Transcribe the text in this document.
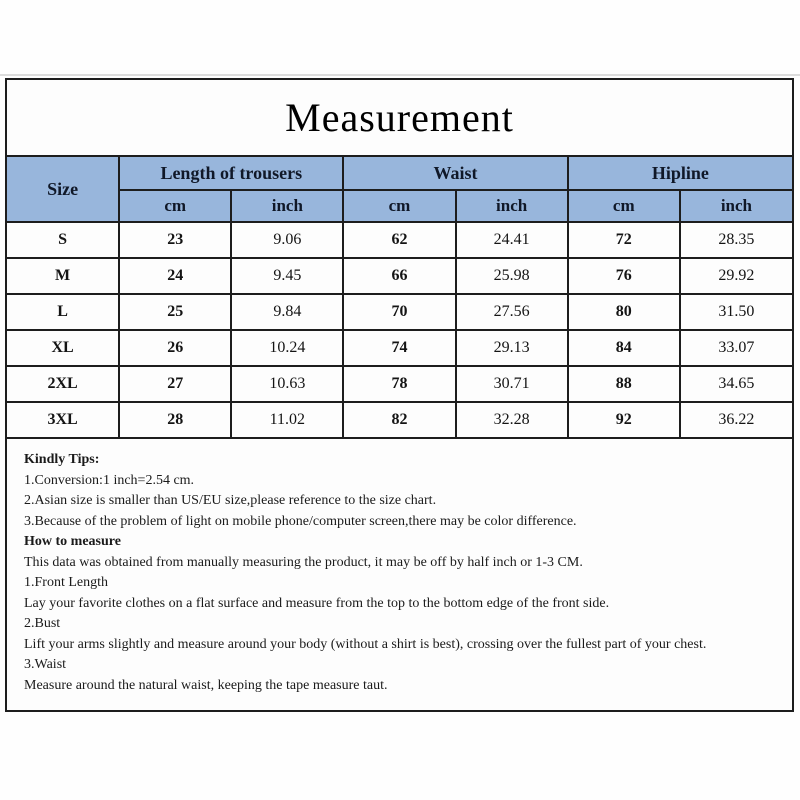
Measurement
Size	Length of trousers		Waist		Hipline	
	cm	inch	cm	inch	cm	inch
S	23	9.06	62	24.41	72	28.35
M	24	9.45	66	25.98	76	29.92
L	25	9.84	70	27.56	80	31.50
XL	26	10.24	74	29.13	84	33.07
2XL	27	10.63	78	30.71	88	34.65
3XL	28	11.02	82	32.28	92	36.22
Kindly Tips:
1.Conversion:1 inch=2.54 cm.
2.Asian size is smaller than US/EU size,please reference to the size chart.
3.Because of the problem of light on mobile phone/computer screen,there may be color difference.
How to measure
This data was obtained from manually measuring the product, it may be off by half inch or 1-3 CM.
1.Front Length
Lay your favorite clothes on a flat surface and measure from the top to the bottom edge of the front side.
2.Bust
Lift your arms slightly and measure around your body (without a shirt is best), crossing over the fullest part of your chest.
3.Waist
Measure around the natural waist, keeping the tape measure taut.
